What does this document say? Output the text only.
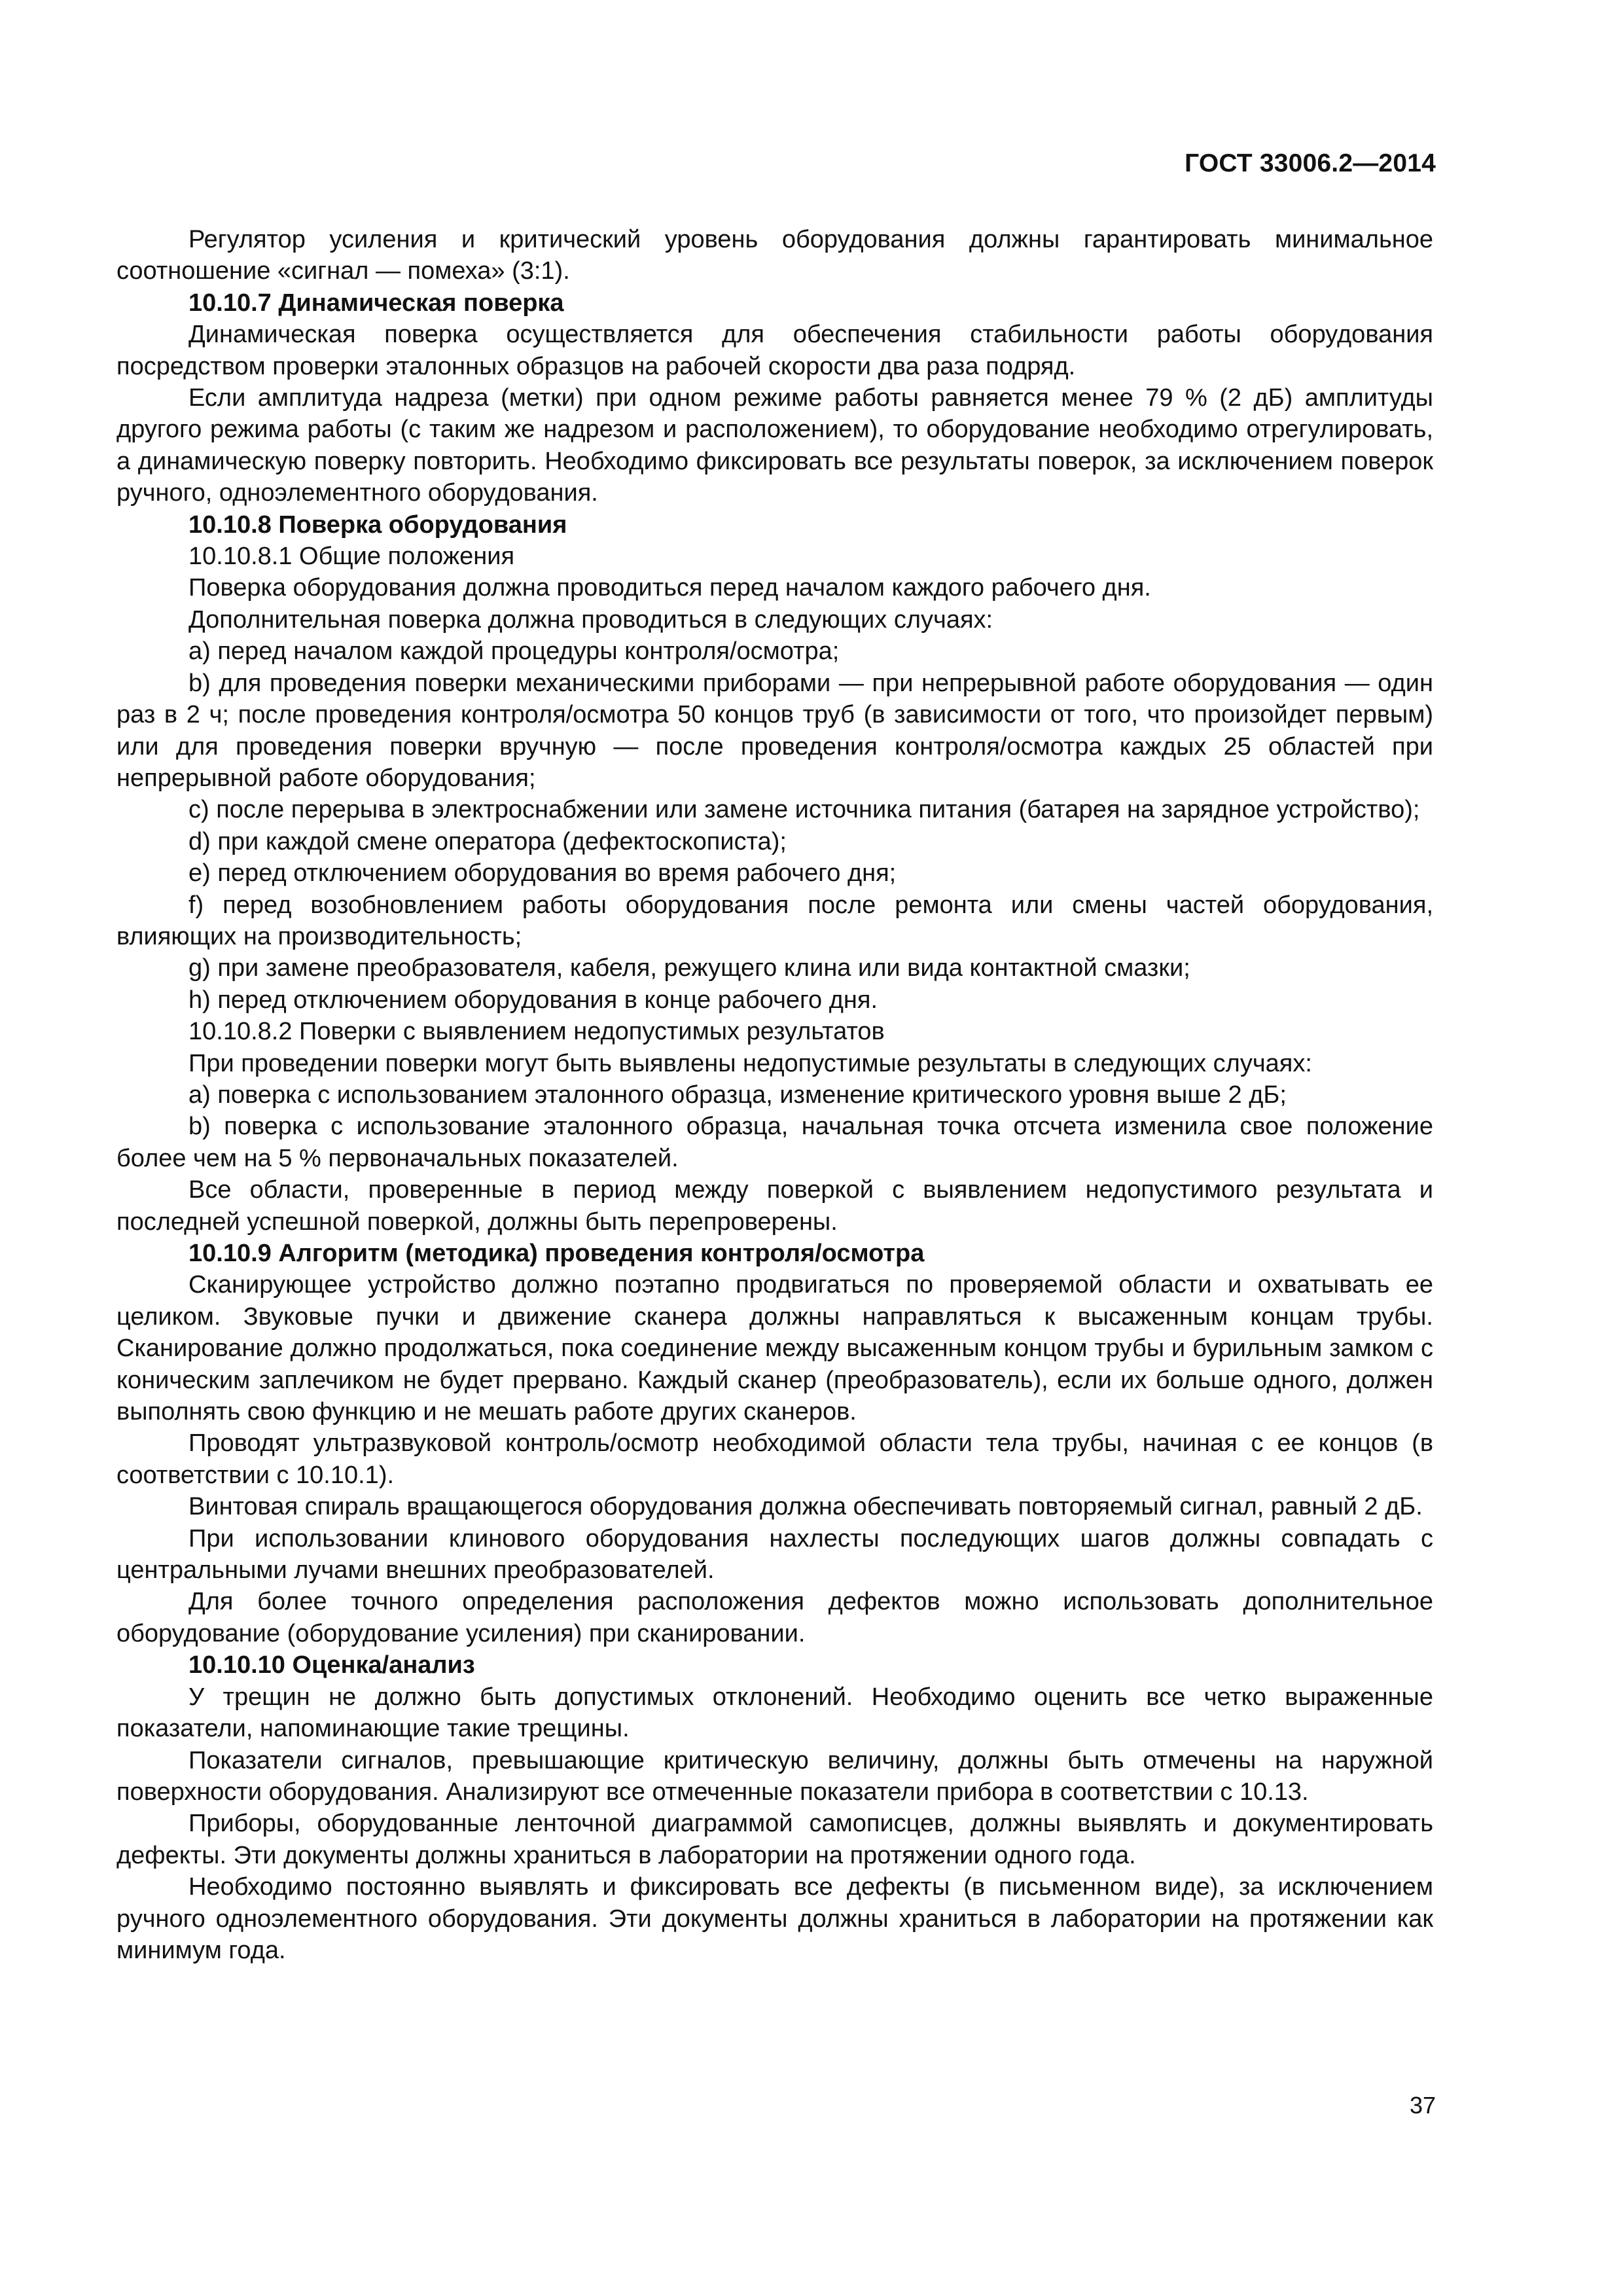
ГОСТ 33006.2—2014

Регулятор усиления и критический уровень оборудования должны гарантировать минимальное соотношение «сигнал — помеха» (3:1).

10.10.7 Динамическая поверка

Динамическая поверка осуществляется для обеспечения стабильности работы оборудования посредством проверки эталонных образцов на рабочей скорости два раза подряд.

Если амплитуда надреза (метки) при одном режиме работы равняется менее 79 % (2 дБ) амплитуды другого режима работы (с таким же надрезом и расположением), то оборудование необходимо отрегулировать, а динамическую поверку повторить. Необходимо фиксировать все результаты поверок, за исключением поверок ручного, одноэлементного оборудования.

10.10.8 Поверка оборудования

10.10.8.1 Общие положения

Поверка оборудования должна проводиться перед началом каждого рабочего дня.

Дополнительная поверка должна проводиться в следующих случаях:

a) перед началом каждой процедуры контроля/осмотра;

b) для проведения поверки механическими приборами — при непрерывной работе оборудования — один раз в 2 ч; после проведения контроля/осмотра 50 концов труб (в зависимости от того, что произойдет первым) или для проведения поверки вручную — после проведения контроля/осмотра каждых 25 областей при непрерывной работе оборудования;

c) после перерыва в электроснабжении или замене источника питания (батарея на зарядное устройство);

d) при каждой смене оператора (дефектоскописта);

e) перед отключением оборудования во время рабочего дня;

f) перед возобновлением работы оборудования после ремонта или смены частей оборудования, влияющих на производительность;

g) при замене преобразователя, кабеля, режущего клина или вида контактной смазки;

h) перед отключением оборудования в конце рабочего дня.

10.10.8.2 Поверки с выявлением недопустимых результатов

При проведении поверки могут быть выявлены недопустимые результаты в следующих случаях:

a) поверка с использованием эталонного образца, изменение критического уровня выше 2 дБ;

b) поверка с использование эталонного образца, начальная точка отсчета изменила свое положение более чем на 5 % первоначальных показателей.

Все области, проверенные в период между поверкой с выявлением недопустимого результата и последней успешной поверкой, должны быть перепроверены.

10.10.9 Алгоритм (методика) проведения контроля/осмотра

Сканирующее устройство должно поэтапно продвигаться по проверяемой области и охватывать ее целиком. Звуковые пучки и движение сканера должны направляться к высаженным концам трубы. Сканирование должно продолжаться, пока соединение между высаженным концом трубы и бурильным замком с коническим заплечиком не будет прервано. Каждый сканер (преобразователь), если их больше одного, должен выполнять свою функцию и не мешать работе других сканеров.

Проводят ультразвуковой контроль/осмотр необходимой области тела трубы, начиная с ее концов (в соответствии с 10.10.1).

Винтовая спираль вращающегося оборудования должна обеспечивать повторяемый сигнал, равный 2 дБ.

При использовании клинового оборудования нахлесты последующих шагов должны совпадать с центральными лучами внешних преобразователей.

Для более точного определения расположения дефектов можно использовать дополнительное оборудование (оборудование усиления) при сканировании.

10.10.10 Оценка/анализ

У трещин не должно быть допустимых отклонений. Необходимо оценить все четко выраженные показатели, напоминающие такие трещины.

Показатели сигналов, превышающие критическую величину, должны быть отмечены на наружной поверхности оборудования. Анализируют все отмеченные показатели прибора в соответствии с 10.13.

Приборы, оборудованные ленточной диаграммой самописцев, должны выявлять и документировать дефекты. Эти документы должны храниться в лаборатории на протяжении одного года.

Необходимо постоянно выявлять и фиксировать все дефекты (в письменном виде), за исключением ручного одноэлементного оборудования. Эти документы должны храниться в лаборатории на протяжении как минимум года.

37
